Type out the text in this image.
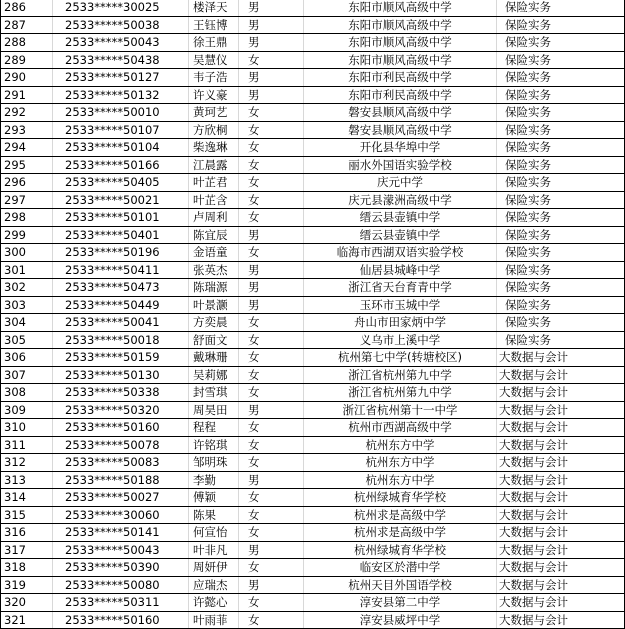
286	2533*****30025	楼泽天	男	东阳市顺风高级中学	保险实务
287	2533*****50038	王钰博	男	东阳市顺风高级中学	保险实务
288	2533*****50043	徐王鼎	男	东阳市顺风高级中学	保险实务
289	2533*****50438	吴慧仪	女	东阳市顺风高级中学	保险实务
290	2533*****50127	韦子浩	男	东阳市利民高级中学	保险实务
291	2533*****50132	许义豪	男	东阳市利民高级中学	保险实务
292	2533*****50010	黄珂艺	女	磐安县顺风高级中学	保险实务
293	2533*****50107	方欣桐	女	磐安县顺风高级中学	保险实务
294	2533*****50104	柴逸琳	女	开化县华埠中学	保险实务
295	2533*****50166	江晨露	女	丽水外国语实验学校	保险实务
296	2533*****50405	叶芷君	女	庆元中学	保险实务
297	2533*****50021	叶芷含	女	庆元县濛洲高级中学	保险实务
298	2533*****50101	卢周利	女	缙云县壶镇中学	保险实务
299	2533*****50401	陈宜辰	男	缙云县壶镇中学	保险实务
300	2533*****50196	金语童	女	临海市西湖双语实验学校	保险实务
301	2533*****50411	张英杰	男	仙居县城峰中学	保险实务
302	2533*****50473	陈瑞源	男	浙江省天台育青中学	保险实务
303	2533*****50449	叶景灏	男	玉环市玉城中学	保险实务
304	2533*****50041	方奕晨	女	舟山市田家炳中学	保险实务
305	2533*****50018	舒面文	女	义乌市上溪中学	保险实务
306	2533*****50159	戴琳珊	女	杭州第七中学(转塘校区)	大数据与会计
307	2533*****50130	吴莉娜	女	浙江省杭州第九中学	大数据与会计
308	2533*****50338	封雪琪	女	浙江省杭州第九中学	大数据与会计
309	2533*****50320	周昊田	男	浙江省杭州第十一中学	大数据与会计
310	2533*****50160	程程	女	杭州市西湖高级中学	大数据与会计
311	2533*****50078	许铭琪	女	杭州东方中学	大数据与会计
312	2533*****50083	邹明珠	女	杭州东方中学	大数据与会计
313	2533*****50188	李勤	男	杭州东方中学	大数据与会计
314	2533*****50027	傅颖	女	杭州绿城育华学校	大数据与会计
315	2533*****30060	陈果	女	杭州求是高级中学	大数据与会计
316	2533*****50141	何宣怡	女	杭州求是高级中学	大数据与会计
317	2533*****50043	叶非凡	男	杭州绿城育华学校	大数据与会计
318	2533*****50390	周妍伊	女	临安区於潜中学	大数据与会计
319	2533*****50080	应瑞杰	男	杭州天目外国语学校	大数据与会计
320	2533*****50311	许懿心	女	淳安县第二中学	大数据与会计
321	2533*****50160	叶雨菲	女	淳安县威坪中学	大数据与会计
